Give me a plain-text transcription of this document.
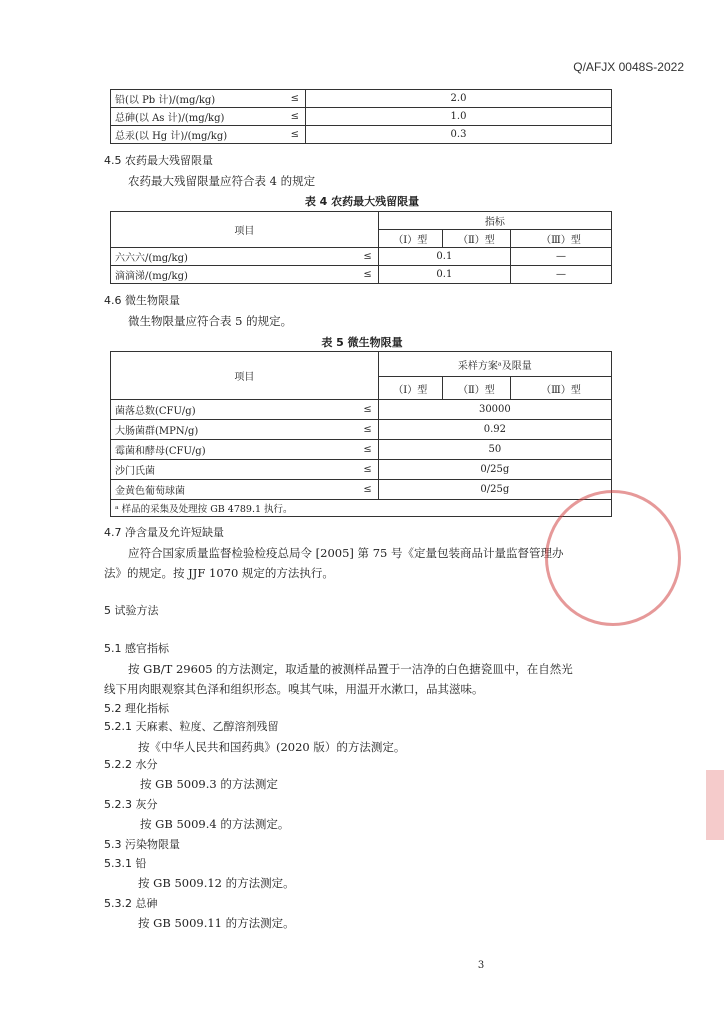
Q/AFJX 0048S-2022
铅(以 Pb 计)/(mg/kg)	≤	2.0
总砷(以 As 计)/(mg/kg)	≤	1.0
总汞(以 Hg 计)/(mg/kg)	≤	0.3
4.5 农药最大残留限量
农药最大残留限量应符合表 4 的规定
表 4 农药最大残留限量
项目		指标		
		（Ⅰ）型	（Ⅱ）型	（Ⅲ）型
六六六/(mg/kg)	≤	0.1		—
滴滴涕/(mg/kg)	≤	0.1		—
4.6 微生物限量
微生物限量应符合表 5 的规定。
表 5 微生物限量
项目		采样方案ᵃ及限量		
		（Ⅰ）型	（Ⅱ）型	（Ⅲ）型
菌落总数(CFU/g)	≤	30000		
大肠菌群(MPN/g)	≤	0.92		
霉菌和酵母(CFU/g)	≤	50		
沙门氏菌	≤	0/25g		
金黄色葡萄球菌	≤	0/25g		
ᵃ 样品的采集及处理按 GB 4789.1 执行。				
4.7 净含量及允许短缺量
应符合国家质量监督检验检疫总局令 [2005] 第 75 号《定量包装商品计量监督管理办
法》的规定。按 JJF 1070 规定的方法执行。
5 试验方法
5.1 感官指标
按 GB/T 29605 的方法测定，取适量的被测样品置于一洁净的白色搪瓷皿中，在自然光
线下用肉眼观察其色泽和组织形态。嗅其气味，用温开水漱口，品其滋味。
5.2 理化指标
5.2.1 天麻素、粒度、乙醇溶剂残留
按《中华人民共和国药典》(2020 版）的方法测定。
5.2.2 水分
按 GB 5009.3 的方法测定
5.2.3 灰分
按 GB 5009.4 的方法测定。
5.3 污染物限量
5.3.1 铅
按 GB 5009.12 的方法测定。
5.3.2 总砷
按 GB 5009.11 的方法测定。
3
